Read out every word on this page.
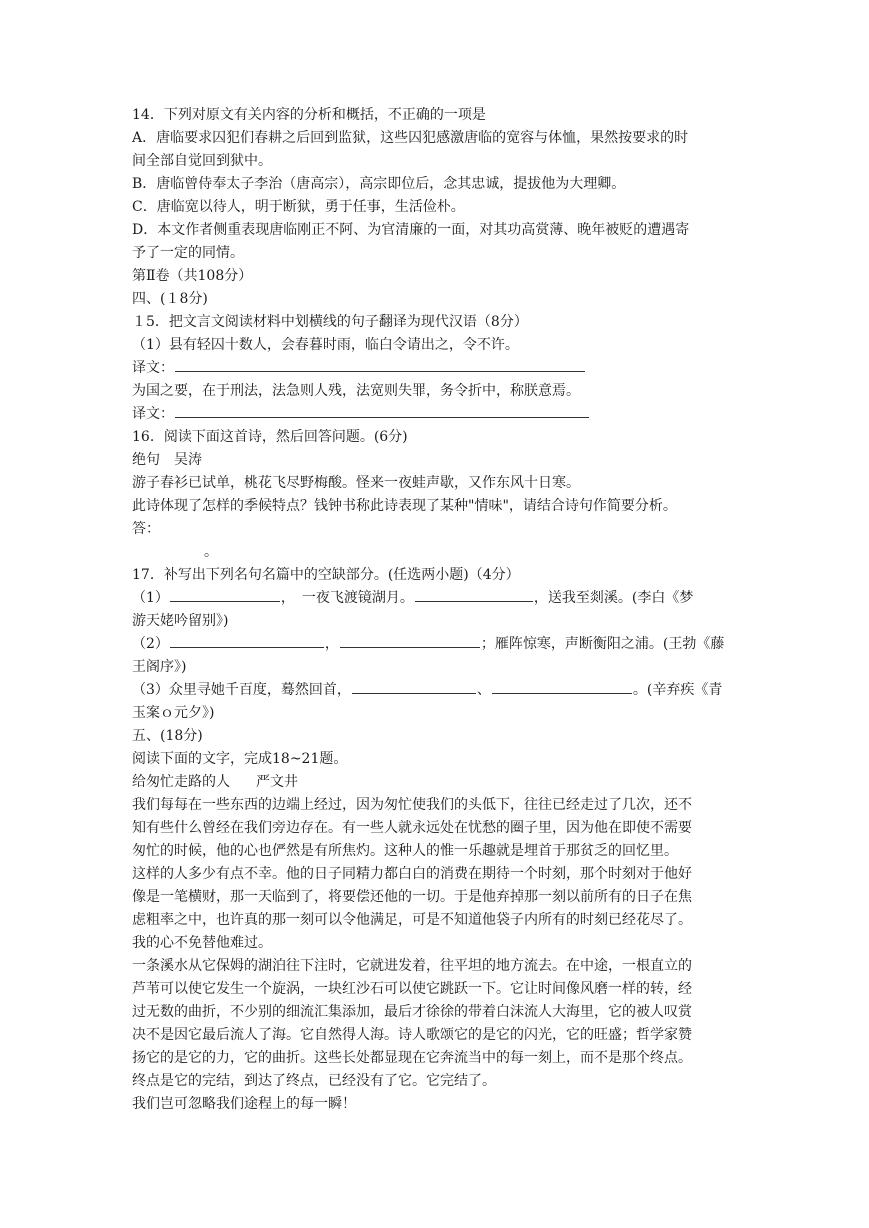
14．下列对原文有关内容的分析和概括，不正确的一项是
A．唐临要求囚犯们春耕之后回到监狱，这些囚犯感激唐临的宽容与体恤，果然按要求的时
间全部自觉回到狱中。
B．唐临曾侍奉太子李治（唐高宗），高宗即位后，念其忠诚，提拔他为大理卿。
C．唐临宽以待人，明于断狱，勇于任事，生活俭朴。
D．本文作者侧重表现唐临刚正不阿、为官清廉的一面，对其功高赏薄、晚年被贬的遭遇寄
予了一定的同情。
第Ⅱ卷（共108分）
四、(１8分)
１5．把文言文阅读材料中划横线的句子翻译为现代汉语（8分）
（1）县有轻囚十数人，会春暮时雨，临白令请出之，令不许。
译文：
为国之要，在于刑法，法急则人残，法宽则失罪，务令折中，称朕意焉。
译文：
16．阅读下面这首诗，然后回答问题。(6分)
绝句　吴涛
游子春衫已试单，桃花飞尽野梅酸。怪来一夜蛙声歇，又作东风十日寒。
此诗体现了怎样的季候特点？钱钟书称此诗表现了某种"情味"，请结合诗句作简要分析。
答：
。
17．补写出下列名句名篇中的空缺部分。(任选两小题)（4分）
（1）	，　一夜飞渡镜湖月。	，送我至剡溪。(李白《梦
游天姥吟留别》)
（2）	，	；雁阵惊寒，声断衡阳之浦。(王勃《藤
王阁序》)
（3）众里寻她千百度，蓦然回首，	、	。(辛弃疾《青
玉案ｏ元夕》)
五、(18分)
阅读下面的文字，完成18~21题。
给匆忙走路的人 严文井
我们每每在一些东西的边端上经过，因为匆忙使我们的头低下，往往已经走过了几次，还不
知有些什么曾经在我们旁边存在。有一些人就永远处在忧愁的圈子里，因为他在即使不需要
匆忙的时候，他的心也俨然是有所焦灼。这种人的惟一乐趣就是埋首于那贫乏的回忆里。
这样的人多少有点不幸。他的日子同精力都白白的消费在期待一个时刻，那个时刻对于他好
像是一笔横财，那一天临到了，将要偿还他的一切。于是他弃掉那一刻以前所有的日子在焦
虑粗率之中，也许真的那一刻可以令他满足，可是不知道他袋子内所有的时刻已经花尽了。
我的心不免替他难过。
一条溪水从它保姆的湖泊往下注时，它就进发着，往平坦的地方流去。在中途，一根直立的
芦苇可以使它发生一个旋涡，一块红沙石可以使它跳跃一下。它让时间像风磨一样的转，经
过无数的曲折，不少别的细流汇集添加，最后才徐徐的带着白沫流人大海里，它的被人叹赏
决不是因它最后流人了海。它自然得人海。诗人歌颂它的是它的闪光，它的旺盛；哲学家赞
扬它的是它的力，它的曲折。这些长处都显现在它奔流当中的每一刻上，而不是那个终点。
终点是它的完结，到达了终点，已经没有了它。它完结了。
我们岂可忽略我们途程上的每一瞬！
